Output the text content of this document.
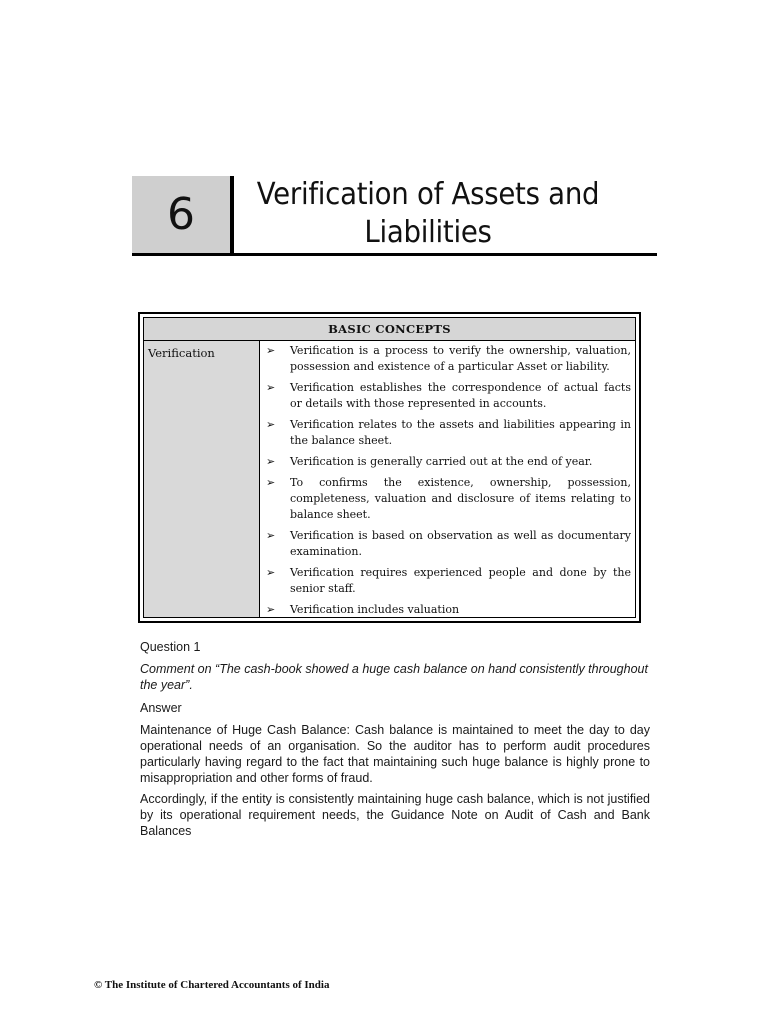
6	Verification of Assets and Liabilities
BASIC CONCEPTS
Verification	➢	Verification is a process to verify the ownership, valuation, possession and existence of a particular Asset or liability.
➢	Verification establishes the correspondence of actual facts or details with those represented in accounts.
➢	Verification relates to the assets and liabilities appearing in the balance sheet.
➢	Verification is generally carried out at the end of year.
➢	To confirms the existence, ownership, possession, completeness, valuation and disclosure of items relating to balance sheet.
➢	Verification is based on observation as well as documentary examination.
➢	Verification requires experienced people and done by the senior staff.
➢	Verification includes valuation
Question 1
Comment on “The cash-book showed a huge cash balance on hand consistently throughout the year”.
Answer
Maintenance of Huge Cash Balance: Cash balance is maintained to meet the day to day operational needs of an organisation. So the auditor has to perform audit procedures particularly having regard to the fact that maintaining such huge balance is highly prone to misappropriation and other forms of fraud.
Accordingly, if the entity is consistently maintaining huge cash balance, which is not justified by its operational requirement needs, the Guidance Note on Audit of Cash and Bank Balances
© The Institute of Chartered Accountants of India
